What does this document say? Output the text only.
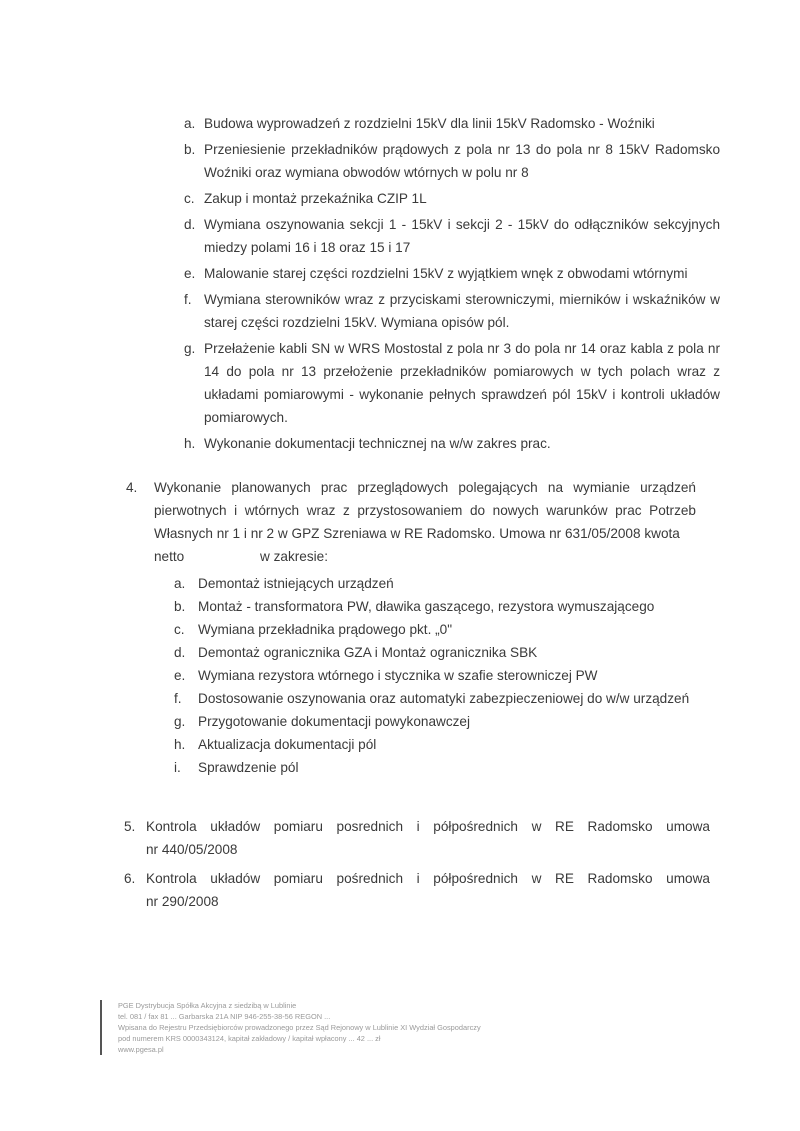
a. Budowa wyprowadzeń z rozdzielni 15kV dla linii 15kV Radomsko - Woźniki
b. Przeniesienie przekładników prądowych z pola nr 13 do pola nr 8 15kV Radomsko Woźniki oraz wymiana obwodów wtórnych w polu nr 8
c. Zakup i montaż przekaźnika CZIP 1L
d. Wymiana oszynowania sekcji 1 - 15kV i sekcji 2 - 15kV do odłączników sekcyjnych miedzy polami 16 i 18 oraz 15 i 17
e. Malowanie starej części rozdzielni 15kV z wyjątkiem wnęk z obwodami wtórnymi
f. Wymiana sterowników wraz z przyciskami sterowniczymi, mierników i wskaźników w starej części rozdzielni 15kV. Wymiana opisów pól.
g. Przełażenie kabli SN w WRS Mostostal z pola nr 3 do pola nr 14 oraz kabla z pola nr 14 do pola nr 13 przełożenie przekładników pomiarowych w tych polach wraz z układami pomiarowymi - wykonanie pełnych sprawdzeń pól 15kV i kontroli układów pomiarowych.
h. Wykonanie dokumentacji technicznej na w/w zakres prac.
4. Wykonanie planowanych prac przeglądowych polegających na wymianie urządzeń pierwotnych i wtórnych wraz z przystosowaniem do nowych warunków prac Potrzeb Własnych nr 1 i nr 2 w GPZ Szreniawa w RE Radomsko. Umowa nr 631/05/2008 kwota
netto	w zakresie:
a. Demontaż istniejących urządzeń
b. Montaż - transformatora PW, dławika gaszącego, rezystora wymuszającego
c. Wymiana przekładnika prądowego pkt. „0"
d. Demontaż ogranicznika GZA i Montaż ogranicznika SBK
e. Wymiana rezystora wtórnego i stycznika w szafie sterowniczej PW
f. Dostosowanie oszynowania oraz automatyki zabezpieczeniowej do w/w urządzeń
g. Przygotowanie dokumentacji powykonawczej
h. Aktualizacja dokumentacji pól
i. Sprawdzenie pól
5. Kontrola układów pomiaru posrednich i półpośrednich w RE Radomsko umowa
nr 440/05/2008
6. Kontrola układów pomiaru pośrednich i półpośrednich w RE Radomsko umowa
nr 290/2008
PGE Dystrybucja Spółka Akcyjna z siedzibą w Lublinie
tel. 081 / fax 81 ... Garbarska 21A NIP 946-255-38-56 REGON ...
Wpisana do Rejestru Przedsiębiorców prowadzonego przez Sąd Rejonowy w Lublinie XI Wydział Gospodarczy
pod numerem KRS 0000343124, kapitał zakładowy / kapitał wpłacony ... 42 ... zł
www.pgesa.pl
